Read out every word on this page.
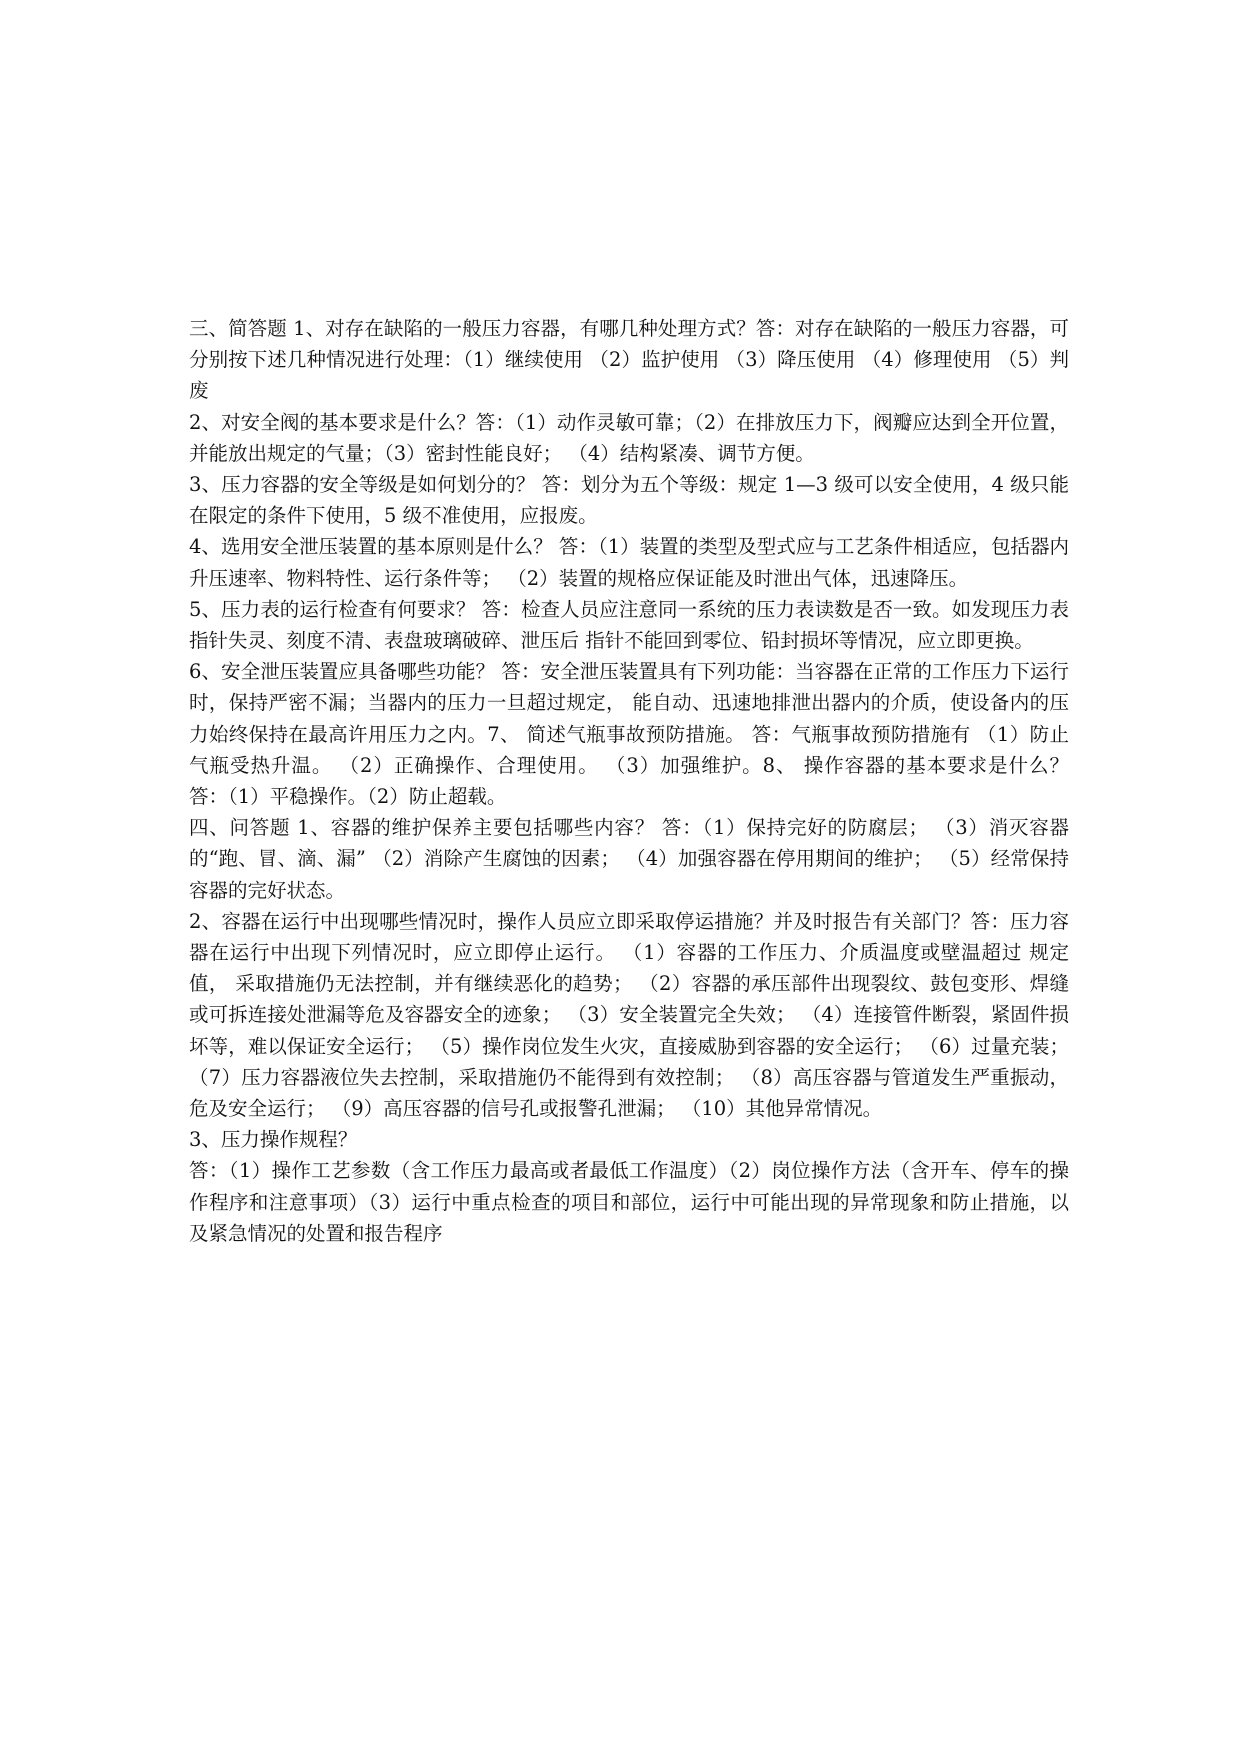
三、简答题 1、对存在缺陷的一般压力容器，有哪几种处理方式？答：对存在缺陷的一般压力容器，可分别按下述几种情况进行处理：（1）继续使用 （2）监护使用 （3）降压使用 （4）修理使用 （5）判废

2、对安全阀的基本要求是什么？答：（1）动作灵敏可靠；（2）在排放压力下，阀瓣应达到全开位置，并能放出规定的气量；（3）密封性能良好； （4）结构紧凑、调节方便。

3、压力容器的安全等级是如何划分的？ 答：划分为五个等级：规定 1—3 级可以安全使用，4 级只能在限定的条件下使用，5 级不准使用，应报废。

4、选用安全泄压装置的基本原则是什么？ 答：（1）装置的类型及型式应与工艺条件相适应，包括器内升压速率、物料特性、运行条件等； （2）装置的规格应保证能及时泄出气体，迅速降压。

5、压力表的运行检查有何要求？ 答：检查人员应注意同一系统的压力表读数是否一致。如发现压力表指针失灵、刻度不清、表盘玻璃破碎、泄压后 指针不能回到零位、铅封损坏等情况，应立即更换。

6、安全泄压装置应具备哪些功能？ 答：安全泄压装置具有下列功能：当容器在正常的工作压力下运行时，保持严密不漏；当器内的压力一旦超过规定， 能自动、迅速地排泄出器内的介质，使设备内的压力始终保持在最高许用压力之内。7、 简述气瓶事故预防措施。 答：气瓶事故预防措施有 （1）防止气瓶受热升温。 （2）正确操作、合理使用。 （3）加强维护。8、 操作容器的基本要求是什么？ 答：（1）平稳操作。（2）防止超载。

四、问答题 1、容器的维护保养主要包括哪些内容？ 答：（1）保持完好的防腐层； （3）消灭容器的“跑、冒、滴、漏” （2）消除产生腐蚀的因素； （4）加强容器在停用期间的维护； （5）经常保持容器的完好状态。

2、容器在运行中出现哪些情况时，操作人员应立即采取停运措施？并及时报告有关部门？答：压力容器在运行中出现下列情况时，应立即停止运行。 （1）容器的工作压力、介质温度或壁温超过 规定 值， 采取措施仍无法控制，并有继续恶化的趋势； （2）容器的承压部件出现裂纹、鼓包变形、焊缝或可拆连接处泄漏等危及容器安全的迹象； （3）安全装置完全失效； （4）连接管件断裂，紧固件损坏等，难以保证安全运行； （5）操作岗位发生火灾，直接威胁到容器的安全运行； （6）过量充装； （7）压力容器液位失去控制，采取措施仍不能得到有效控制； （8）高压容器与管道发生严重振动，危及安全运行； （9）高压容器的信号孔或报警孔泄漏； （10）其他异常情况。

3、压力操作规程？

答：（1）操作工艺参数（含工作压力最高或者最低工作温度）（2）岗位操作方法（含开车、停车的操作程序和注意事项）（3）运行中重点检查的项目和部位，运行中可能出现的异常现象和防止措施，以及紧急情况的处置和报告程序
